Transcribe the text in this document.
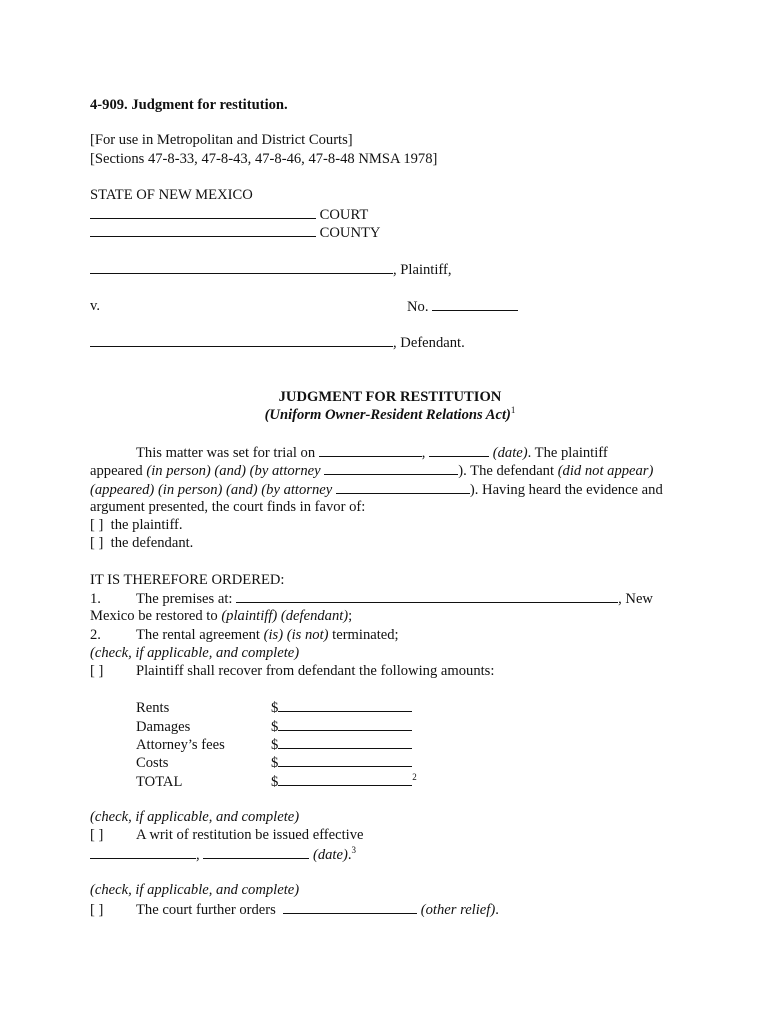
4-909. Judgment for restitution.
[For use in Metropolitan and District Courts]
[Sections 47-8-33, 47-8-43, 47-8-46, 47-8-48 NMSA 1978]
STATE OF NEW MEXICO
COURT
COUNTY
, Plaintiff,
v.	No.
, Defendant.
JUDGMENT FOR RESTITUTION
(Uniform Owner-Resident Relations Act)$^1$
This matter was set for trial on	,	(date). The plaintiff
appeared (in person) (and) (by attorney	). The defendant (did not appear)
(appeared) (in person) (and) (by attorney	). Having heard the evidence and
argument presented, the court finds in favor of:
[ ] the plaintiff.
[ ] the defendant.
IT IS THEREFORE ORDERED:
1. The premises at:	, New
Mexico be restored to (plaintiff) (defendant);
2. The rental agreement (is) (is not) terminated;
(check, if applicable, and complete)
[ ] Plaintiff shall recover from defendant the following amounts:
Rents	$
Damages	$
Attorney’s fees	$
Costs	$
TOTAL	$	$^2$
(check, if applicable, and complete)
[ ] A writ of restitution be issued effective
,	(date).$^3$
(check, if applicable, and complete)
[ ] The court further orders	(other relief).
